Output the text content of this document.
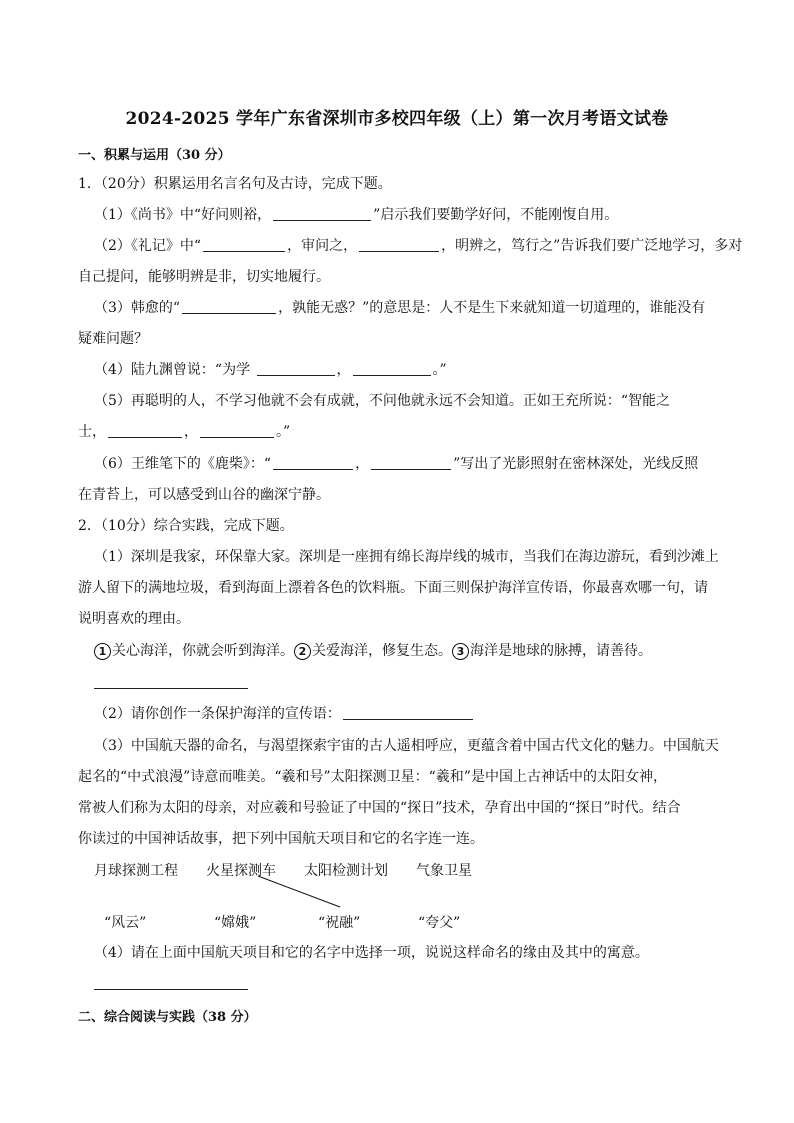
2024-2025 学年广东省深圳市多校四年级（上）第一次月考语文试卷
一、积累与运用（30 分）
1．（20分）积累运用名言名句及古诗，完成下题。
（1）《尚书》中“好问则裕，	”启示我们要勤学好问，不能刚愎自用。
（2）《礼记》中“	，审问之，	，明辨之，笃行之”告诉我们要广泛地学习，多对
自己提问，能够明辨是非，切实地履行。
（3）韩愈的“	，孰能无惑？”的意思是：人不是生下来就知道一切道理的，谁能没有
疑难问题？
（4）陆九渊曾说：“为学	，	。”
（5）再聪明的人，不学习他就不会有成就，不问他就永远不会知道。正如王充所说：“智能之
士，	，	。”
（6）王维笔下的《鹿柴》：“	，	”写出了光影照射在密林深处，光线反照
在青苔上，可以感受到山谷的幽深宁静。
2．（10分）综合实践，完成下题。
（1）深圳是我家，环保靠大家。深圳是一座拥有绵长海岸线的城市，当我们在海边游玩，看到沙滩上
游人留下的满地垃圾，看到海面上漂着各色的饮料瓶。下面三则保护海洋宣传语，你最喜欢哪一句，请
说明喜欢的理由。
1 关心海洋，你就会听到海洋。 2 关爱海洋，修复生态。 3 海洋是地球的脉搏，请善待。
（2）请你创作一条保护海洋的宣传语：
（3）中国航天器的命名，与渴望探索宇宙的古人遥相呼应，更蕴含着中国古代文化的魅力。中国航天
起名的“中式浪漫”诗意而唯美。“羲和号”太阳探测卫星：“羲和”是中国上古神话中的太阳女神，
常被人们称为太阳的母亲，对应羲和号验证了中国的“探日”技术，孕育出中国的“探日”时代。结合
你读过的中国神话故事，把下列中国航天项目和它的名字连一连。
月球探测工程 火星探测车 太阳检测计划 气象卫星
“风云”	“嫦娥”	“祝融”	“夸父”
（4）请在上面中国航天项目和它的名字中选择一项，说说这样命名的缘由及其中的寓意。
二、综合阅读与实践（38 分）
